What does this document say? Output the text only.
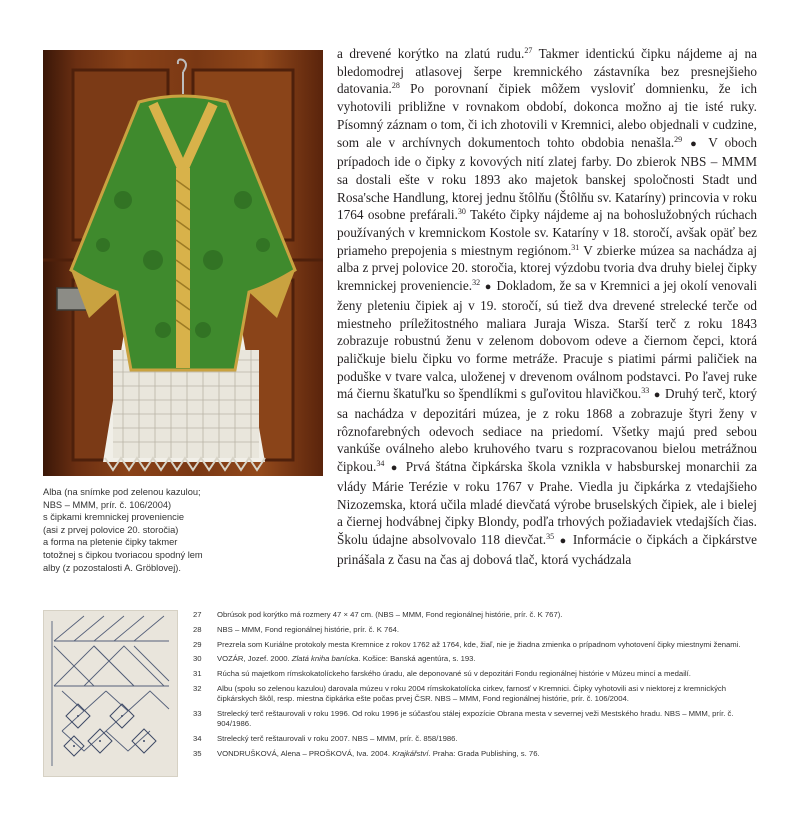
Alba (na snímke pod zelenou kazulou;
NBS – MMM, prír. č. 106/2004)
s čipkami kremnickej proveniencie
(asi z prvej polovice 20. storočia)
a forma na pletenie čipky takmer
totožnej s čipkou tvoriacou spodný lem
alby (z pozostalosti A. Gröblovej).

a drevené korýtko na zlatú rudu.$^{27}$ Takmer identickú čipku nájdeme aj na bledomodrej atlasovej šerpe kremnického zástavníka bez presnejšieho datovania.$^{28}$ Po porovnaní čipiek môžem vysloviť domnienku, že ich vyhotovili približne v rovnakom období, dokonca možno aj tie isté ruky. Písomný záznam o tom, či ich zhotovili v Kremnici, alebo objednali v cudzine, som ale v archívnych dokumentoch tohto obdobia nenašla.$^{29}$ ● V oboch prípadoch ide o čipky z kovových nití zlatej farby. Do zbierok NBS – MMM sa dostali ešte v roku 1893 ako majetok banskej spoločnosti Stadt und Rosa'sche Handlung, ktorej jednu štôlňu (Štôlňu sv. Kataríny) princovia v roku 1764 osobne prefárali.$^{30}$ Takéto čipky nájdeme aj na bohoslužobných rúchach používaných v kremnickom Kostole sv. Kataríny v 18. storočí, avšak opäť bez priameho prepojenia s miestnym regiónom.$^{31}$ V zbierke múzea sa nachádza aj alba z prvej polovice 20. storočia, ktorej výzdobu tvoria dva druhy bielej čipky kremnickej proveniencie.$^{32}$ ● Dokladom, že sa v Kremnici a jej okolí venovali ženy pleteniu čipiek aj v 19. storočí, sú tiež dva drevené strelecké terče od miestneho príležitostného maliara Juraja Wisza. Starší terč z roku 1843 zobrazuje robustnú ženu v zelenom dobovom odeve a čiernom čepci, ktorá paličkuje bielu čipku vo forme metráže. Pracuje s piatimi pármi paličiek na poduške v tvare valca, uloženej v drevenom oválnom podstavci. Po ľavej ruke má čiernu škatuľku so špendlíkmi s guľovitou hlavičkou.$^{33}$ ● Druhý terč, ktorý sa nachádza v depozitári múzea, je z roku 1868 a zobrazuje štyri ženy v rôznofarebných odevoch sediace na priedomí. Všetky majú pred sebou vankúše oválneho alebo kruhového tvaru s rozpracovanou bielou metrážnou čipkou.$^{34}$ ● Prvá štátna čipkárska škola vznikla v habsburskej monarchii za vlády Márie Terézie v roku 1767 v Prahe. Viedla ju čipkárka z vtedajšieho Nizozemska, ktorá učila mladé dievčatá výrobe bruselských čipiek, ale i bielej a čiernej hodvábnej čipky Blondy, podľa trhových požiadaviek vtedajších čias. Školu údajne absolvovalo 118 dievčat.$^{35}$ ● Informácie o čipkách a čipkárstve prinášala z času na čas aj dobová tlač, ktorá vychádzala

27	Obrúsok pod korýtko má rozmery 47 × 47 cm. (NBS – MMM, Fond regionálnej histórie, prír. č. K 767).
28	NBS – MMM, Fond regionálnej histórie, prír. č. K 764.
29	Prezrela som Kuriálne protokoly mesta Kremnice z rokov 1762 až 1764, kde, žiaľ, nie je žiadna zmienka o prípadnom vyhotovení čipky miestnymi ženami.
30	VOZÁR, Jozef. 2000. Zlatá kniha banícka. Košice: Banská agentúra, s. 193.
31	Rúcha sú majetkom rímskokatolíckeho farského úradu, ale deponované sú v depozitári Fondu regionálnej histórie v Múzeu mincí a medailí.
32	Albu (spolu so zelenou kazulou) darovala múzeu v roku 2004 rímskokatolícka cirkev, farnosť v Kremnici. Čipky vyhotovili asi v niektorej z kremnických čipkárskych škôl, resp. miestna čipkárka ešte počas prvej ČSR. NBS – MMM, Fond regionálnej histórie, prír. č. 106/2004.
33	Strelecký terč reštaurovali v roku 1996. Od roku 1996 je súčasťou stálej expozície Obrana mesta v severnej veži Mestského hradu. NBS – MMM, prír. č. 904/1986.
34	Strelecký terč reštaurovali v roku 2007. NBS – MMM, prír. č. 858/1986.
35	VONDRUŠKOVÁ, Alena – PROŠKOVÁ, Iva. 2004. Krajkářství. Praha: Grada Publishing, s. 76.
